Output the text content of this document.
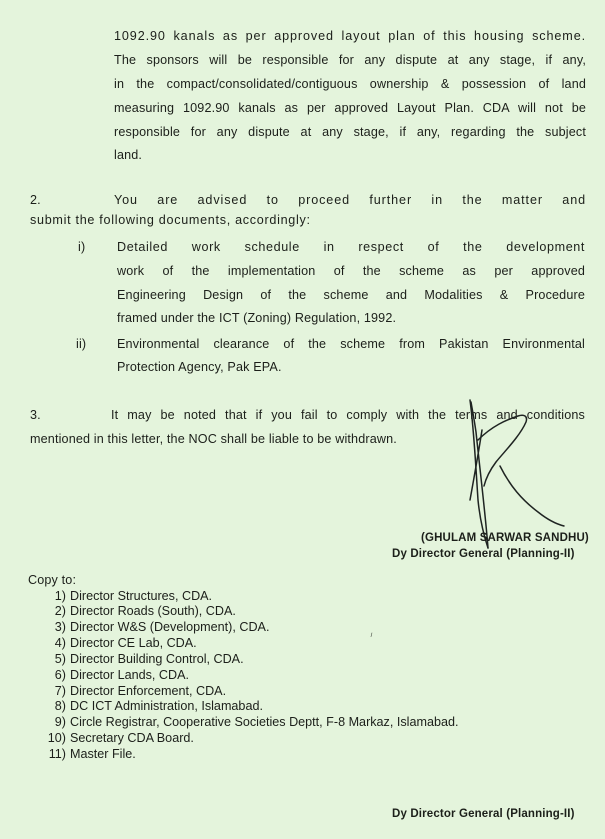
1092.90 kanals as per approved layout plan of this housing scheme.
The sponsors will be responsible for any dispute at any stage, if any,
in the compact/consolidated/contiguous ownership & possession of land
measuring 1092.90 kanals as per approved Layout Plan. CDA will not be
responsible for any dispute at any stage, if any, regarding the subject
land.
2.	You are advised to proceed further in the matter and
submit the following documents, accordingly:
i)	Detailed work schedule in respect of the development
work of the implementation of the scheme as per approved
Engineering Design of the scheme and Modalities & Procedure
framed under the ICT (Zoning) Regulation, 1992.
ii) Environmental clearance of the scheme from Pakistan Environmental
Protection Agency, Pak EPA.
3.	It may be noted that if you fail to comply with the terms and conditions
mentioned in this letter, the NOC shall be liable to be withdrawn.
(GHULAM SARWAR SANDHU)
Dy Director General (Planning-II)
Copy to:
1) Director Structures, CDA.
2) Director Roads (South), CDA.
3) Director W&S (Development), CDA.
4) Director CE Lab, CDA.
5) Director Building Control, CDA.
6) Director Lands, CDA.
7) Director Enforcement, CDA.
8) DC ICT Administration, Islamabad.
9) Circle Registrar, Cooperative Societies Deptt, F-8 Markaz, Islamabad.
10) Secretary CDA Board.
11) Master File.
⸝
Dy Director General (Planning-II)
